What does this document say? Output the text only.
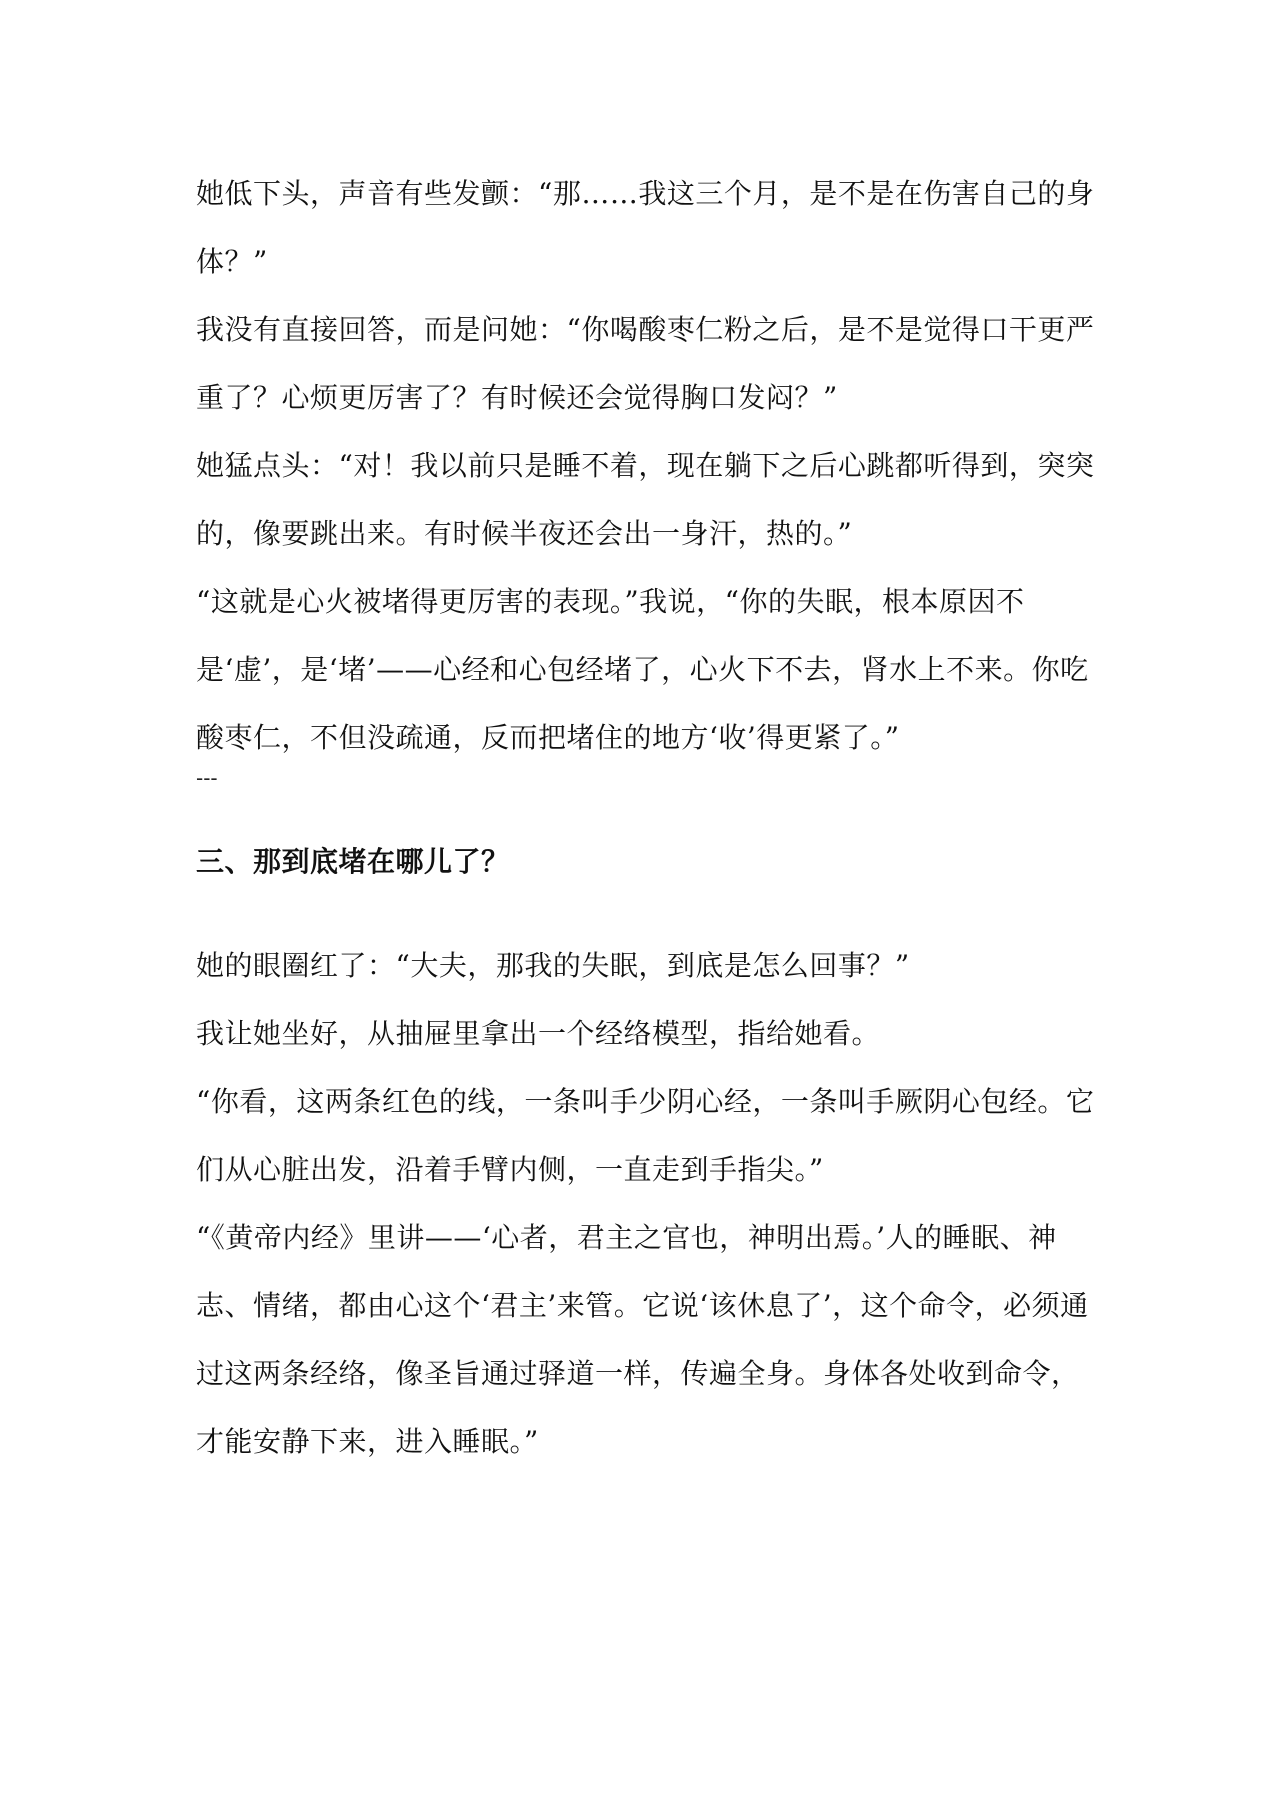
她低下头，声音有些发颤：“那……我这三个月，是不是在伤害自己的身体？”

我没有直接回答，而是问她：“你喝酸枣仁粉之后，是不是觉得口干更严重了？心烦更厉害了？有时候还会觉得胸口发闷？”

她猛点头：“对！我以前只是睡不着，现在躺下之后心跳都听得到，突突的，像要跳出来。有时候半夜还会出一身汗，热的。”

“这就是心火被堵得更厉害的表现。”我说，“你的失眠，根本原因不是‘虚’，是‘堵’——心经和心包经堵了，心火下不去，肾水上不来。你吃酸枣仁，不但没疏通，反而把堵住的地方‘收’得更紧了。”

---

三、那到底堵在哪儿了？

她的眼圈红了：“大夫，那我的失眠，到底是怎么回事？”

我让她坐好，从抽屉里拿出一个经络模型，指给她看。

“你看，这两条红色的线，一条叫手少阴心经，一条叫手厥阴心包经。它们从心脏出发，沿着手臂内侧，一直走到手指尖。”

“《黄帝内经》里讲——‘心者，君主之官也，神明出焉。’人的睡眠、神志、情绪，都由心这个‘君主’来管。它说‘该休息了’，这个命令，必须通过这两条经络，像圣旨通过驿道一样，传遍全身。身体各处收到命令，才能安静下来，进入睡眠。”
